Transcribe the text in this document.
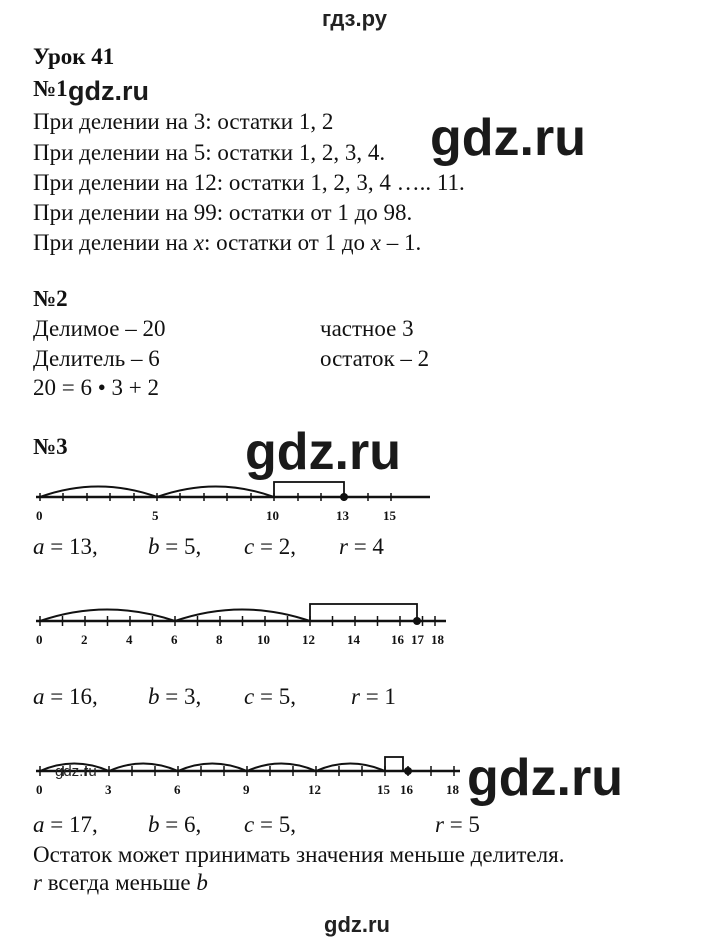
гдз.ру
Урок 41
№1 gdz.ru
При делении на 3: остатки 1, 2
При делении на 5: остатки 1, 2, 3, 4.
При делении на 12: остатки 1, 2, 3, 4 ….. 11.
При делении на 99: остатки от 1 до 98.
При делении на x: остатки от 1 до x – 1.
gdz.ru
№2
Делимое – 20	частное 3
Делитель – 6	остаток – 2
20 = 6 • 3 + 2
№3	gdz.ru
0	5	10	13	15
a = 13, b = 5, c = 2, r = 4
0	2	4	6	8	10 12 14 16 17 18
a = 16, b = 3, c = 5, r = 1
0	3	6	9	12	15 16	18
gdz.ru	gdz.ru
a = 17, b = 6, c = 5,	r = 5
Остаток может принимать значения меньше делителя.
r всегда меньше b
gdz.ru
